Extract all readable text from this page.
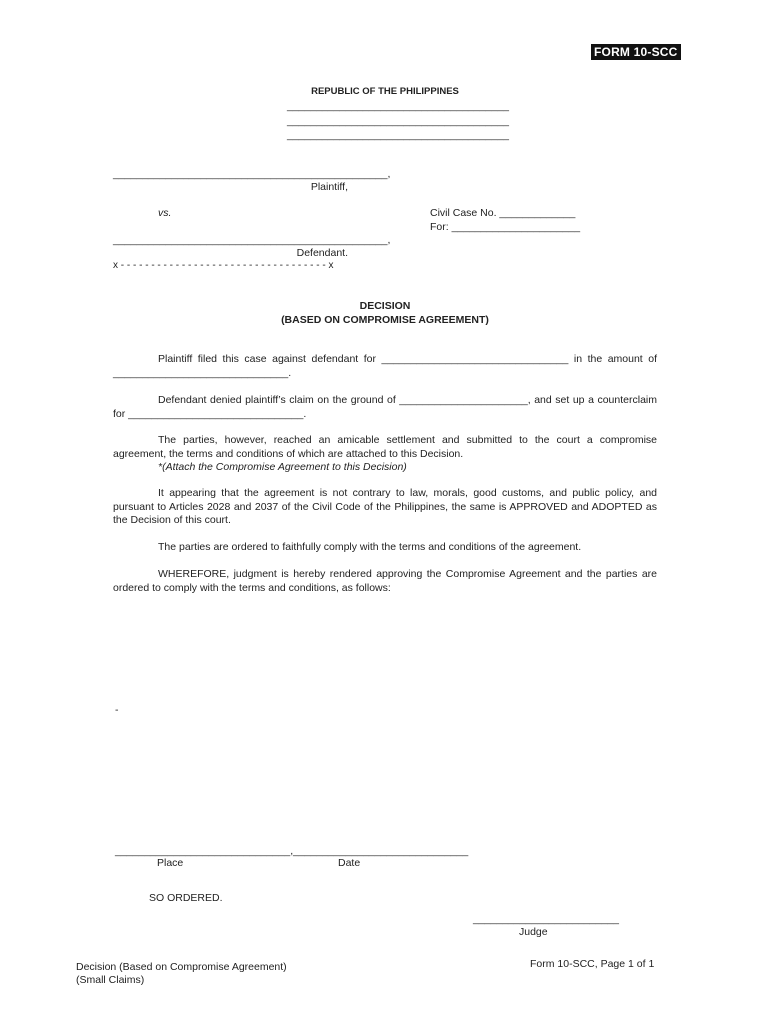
FORM 10-SCC
REPUBLIC OF THE PHILIPPINES
______________________________________
______________________________________
______________________________________
_______________________________________________,
Plaintiff,
vs.	Civil Case No. _____________
For: ______________________
_______________________________________________,
Defendant.
x - - - - - - - - - - - - - - - - - - - - - - - - - - - - - - - - - - x
DECISION
(BASED ON COMPROMISE AGREEMENT)
Plaintiff filed this case against defendant for ________________________________ in the amount of ______________________________.
Defendant denied plaintiff’s claim on the ground of ______________________, and set up a counterclaim for ______________________________.
The parties, however, reached an amicable settlement and submitted to the court a compromise agreement, the terms and conditions of which are attached to this Decision.
*(Attach the Compromise Agreement to this Decision)
It appearing that the agreement is not contrary to law, morals, good customs, and public policy, and pursuant to Articles 2028 and 2037 of the Civil Code of the Philippines, the same is APPROVED and ADOPTED as the Decision of this court.
The parties are ordered to faithfully comply with the terms and conditions of the agreement.
WHEREFORE, judgment is hereby rendered approving the Compromise Agreement and the parties are ordered to comply with the terms and conditions, as follows:
-
______________________________, ______________________________
Place	Date
SO ORDERED.
_________________________
Judge
Decision (Based on Compromise Agreement)
(Small Claims)
Form 10-SCC, Page 1 of 1
